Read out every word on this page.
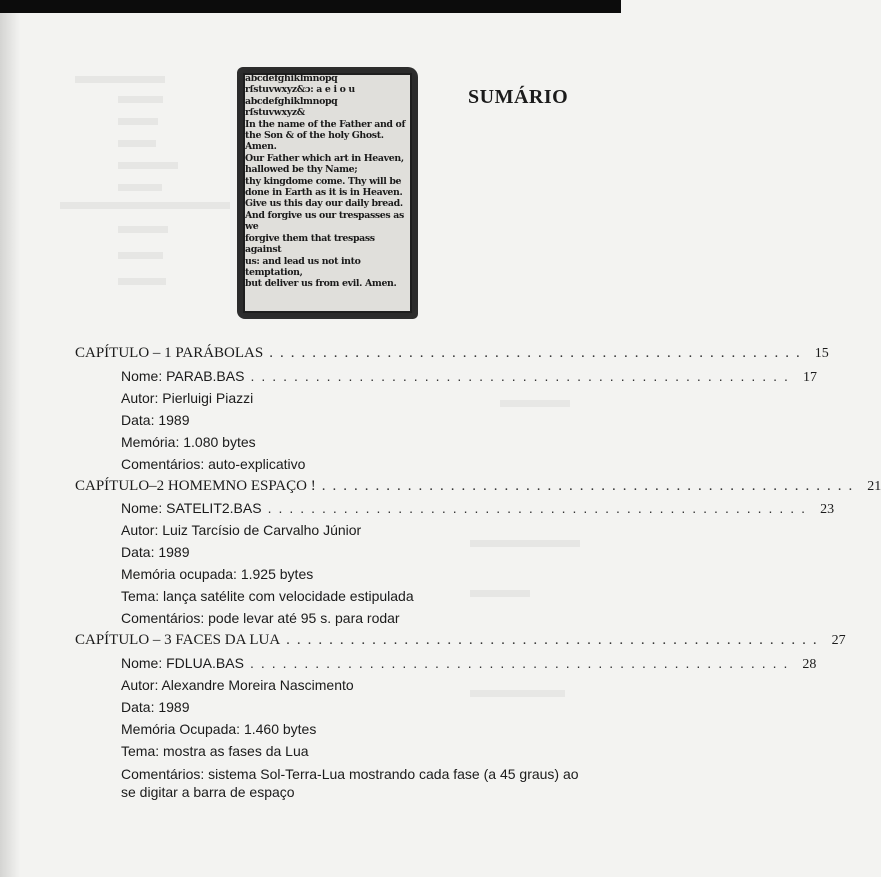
abcdefghiklmnopq
rſstuvwxyz&ɔ: a e i o u
abcdefghiklmnopq
rſstuvwxyz&
In the name of the Father and of
the Son & of the holy Ghost. Amen.
Our Father which art in Heaven,
hallowed be thy Name;
thy kingdome come. Thy will be
done in Earth as it is in Heaven.
Give us this day our daily bread.
And forgive us our trespasses as we
forgive them that trespass against
us: and lead us not into temptation,
but deliver us from evil. Amen.
SUMÁRIO
CAPÍTULO – 1 PARÁBOLAS .................................................. 15
Nome: PARAB.BAS .................................................. 17
Autor: Pierluigi Piazzi
Data: 1989
Memória: 1.080 bytes
Comentários: auto-explicativo
CAPÍTULO–2 HOMEMNO ESPAÇO ! .................................................. 21
Nome: SATELIT2.BAS .................................................. 23
Autor: Luiz Tarcísio de Carvalho Júnior
Data: 1989
Memória ocupada: 1.925 bytes
Tema: lança satélite com velocidade estipulada
Comentários: pode levar até 95 s. para rodar
CAPÍTULO – 3 FACES DA LUA .................................................. 27
Nome: FDLUA.BAS .................................................. 28
Autor: Alexandre Moreira Nascimento
Data: 1989
Memória Ocupada: 1.460 bytes
Tema: mostra as fases da Lua
Comentários: sistema Sol-Terra-Lua mostrando cada fase (a 45 graus) ao se digitar a barra de espaço
